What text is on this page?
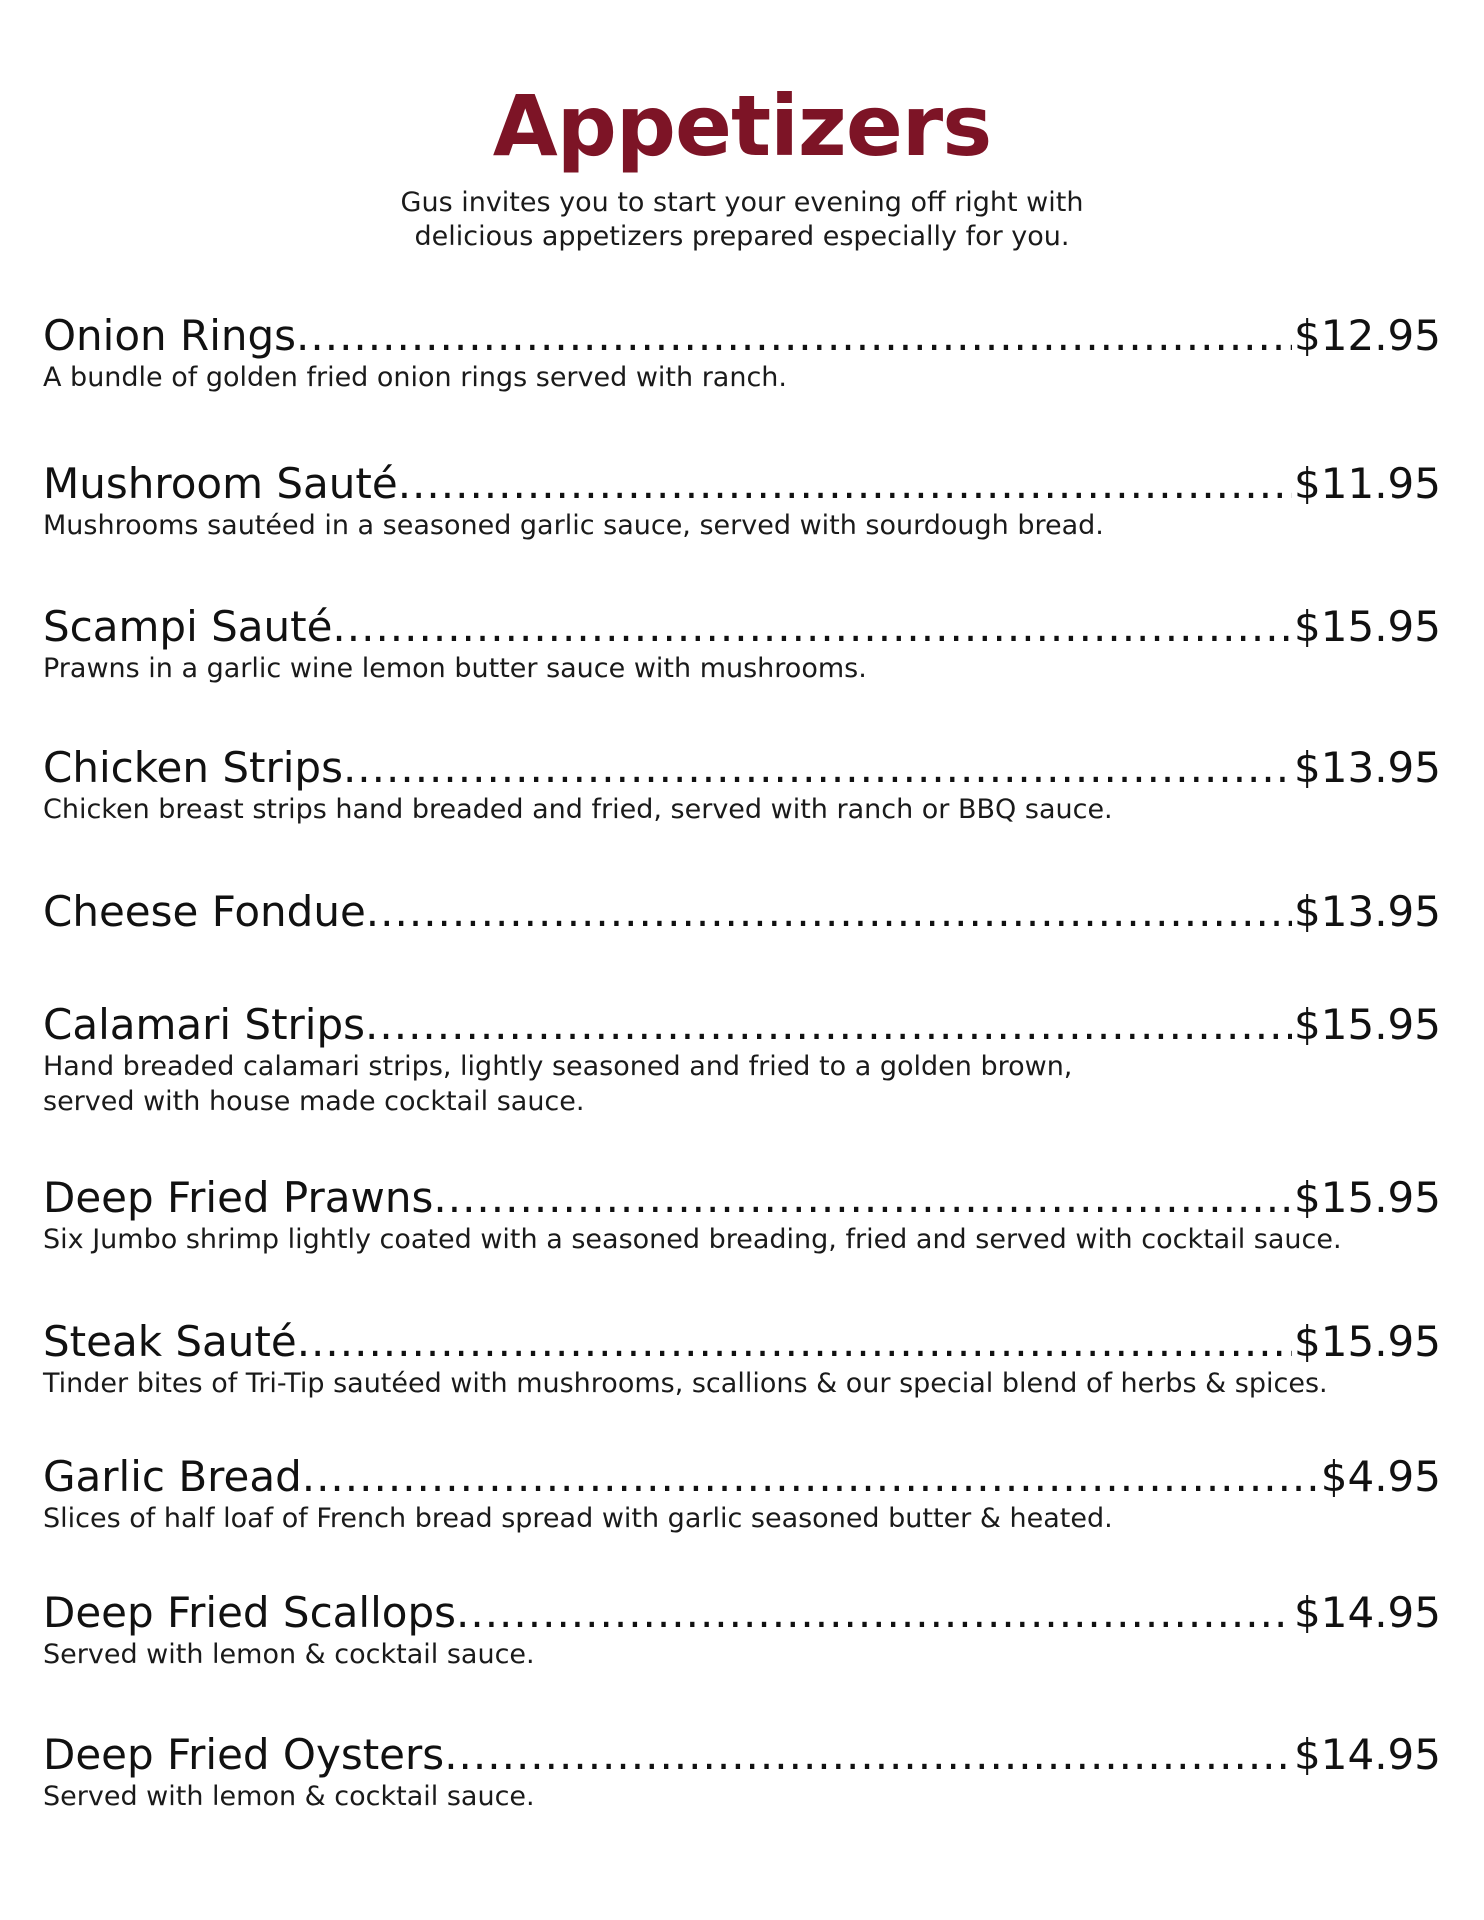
Appetizers
Gus invites you to start your evening off right with
delicious appetizers prepared especially for you.
Onion Rings .....	$12.95
A bundle of golden fried onion rings served with ranch.
Mushroom Sauté .....	$11.95
Mushrooms sautéed in a seasoned garlic sauce, served with sourdough bread.
Scampi Sauté .....	$15.95
Prawns in a garlic wine lemon butter sauce with mushrooms.
Chicken Strips .....	$13.95
Chicken breast strips hand breaded and fried, served with ranch or BBQ sauce.
Cheese Fondue .....	$13.95
Calamari Strips .....	$15.95
Hand breaded calamari strips, lightly seasoned and fried to a golden brown,
served with house made cocktail sauce.
Deep Fried Prawns .....	$15.95
Six Jumbo shrimp lightly coated with a seasoned breading, fried and served with cocktail sauce.
Steak Sauté .....	$15.95
Tinder bites of Tri-Tip sautéed with mushrooms, scallions & our special blend of herbs & spices.
Garlic Bread .....	$4.95
Slices of half loaf of French bread spread with garlic seasoned butter & heated.
Deep Fried Scallops .....	$14.95
Served with lemon & cocktail sauce.
Deep Fried Oysters .....	$14.95
Served with lemon & cocktail sauce.
